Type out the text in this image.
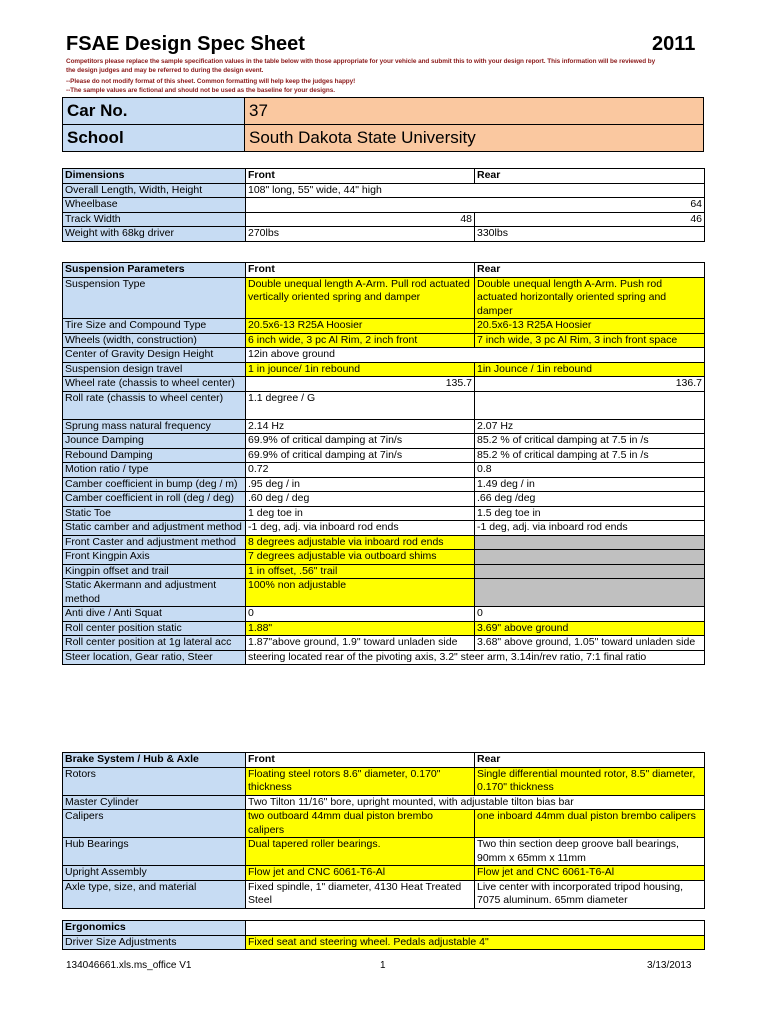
FSAE Design Spec Sheet	2011
Competitors please replace the sample specification values in the table below with those appropriate for your vehicle and submit this to with your design report. This information will be reviewed by
the design judges and may be referred to during the design event.
--Please do not modify format of this sheet. Common formatting will help keep the judges happy!
--The sample values are fictional and should not be used as the baseline for your designs.
Car No.	37
School	South Dakota State University
Dimensions	Front	Rear
Overall Length, Width, Height	108" long, 55" wide, 44" high	
Wheelbase	64	
Track Width	48	46
Weight with 68kg driver	270lbs	330lbs
Suspension Parameters	Front	Rear
Suspension Type	Double unequal length A-Arm. Pull rod actuated vertically oriented spring and damper	Double unequal length A-Arm. Push rod actuated horizontally oriented spring and damper
Tire Size and Compound Type	20.5x6-13 R25A Hoosier	20.5x6-13 R25A Hoosier
Wheels (width, construction)	6 inch wide, 3 pc Al Rim, 2 inch front	7 inch wide, 3 pc Al Rim, 3 inch front space
Center of Gravity Design Height	12in above ground	
Suspension design travel	1 in jounce/ 1in rebound	1in Jounce / 1in rebound
Wheel rate (chassis to wheel center)	135.7	136.7
Roll rate (chassis to wheel center)	1.1 degree / G	
Sprung mass natural frequency	2.14 Hz	2.07 Hz
Jounce Damping	69.9% of critical damping at 7in/s	85.2 % of critical damping at 7.5 in /s
Rebound Damping	69.9% of critical damping at 7in/s	85.2 % of critical damping at 7.5 in /s
Motion ratio / type	0.72	0.8
Camber coefficient in bump (deg / m)	.95 deg / in	1.49 deg / in
Camber coefficient in roll (deg / deg)	.60 deg / deg	.66 deg /deg
Static Toe	1 deg toe in	1.5 deg toe in
Static camber and adjustment method	-1 deg, adj. via inboard rod ends	-1 deg, adj. via inboard rod ends
Front Caster and adjustment method	8 degrees adjustable via inboard rod ends	
Front Kingpin Axis	7 degrees adjustable via outboard shims	
Kingpin offset and trail	1 in offset, .56" trail	
Static Akermann and adjustment method	100% non adjustable	
Anti dive / Anti Squat	0	0
Roll center position static	1.88"	3.69" above ground
Roll center position at 1g lateral acc	1.87"above ground, 1.9" toward unladen side	3.68" above ground, 1.05" toward unladen side
Steer location, Gear ratio, Steer	steering located rear of the pivoting axis, 3.2" steer arm, 3.14in/rev ratio, 7:1 final ratio	
Brake System / Hub & Axle	Front	Rear
Rotors	Floating steel rotors 8.6" diameter, 0.170" thickness	Single differential mounted rotor, 8.5" diameter, 0.170" thickness
Master Cylinder	Two Tilton 11/16" bore, upright mounted, with adjustable tilton bias bar	
Calipers	two outboard 44mm dual piston brembo calipers	one inboard 44mm dual piston brembo calipers
Hub Bearings	Dual tapered roller bearings.	Two thin section deep groove ball bearings, 90mm x 65mm x 11mm
Upright Assembly	Flow jet and CNC 6061-T6-Al	Flow jet and CNC 6061-T6-Al
Axle type, size, and material	Fixed spindle, 1" diameter, 4130 Heat Treated Steel	Live center with incorporated tripod housing, 7075 aluminum. 65mm diameter
Ergonomics	
Driver Size Adjustments	Fixed seat and steering wheel. Pedals adjustable 4"
134046661.xls.ms_office V1	1	3/13/2013
